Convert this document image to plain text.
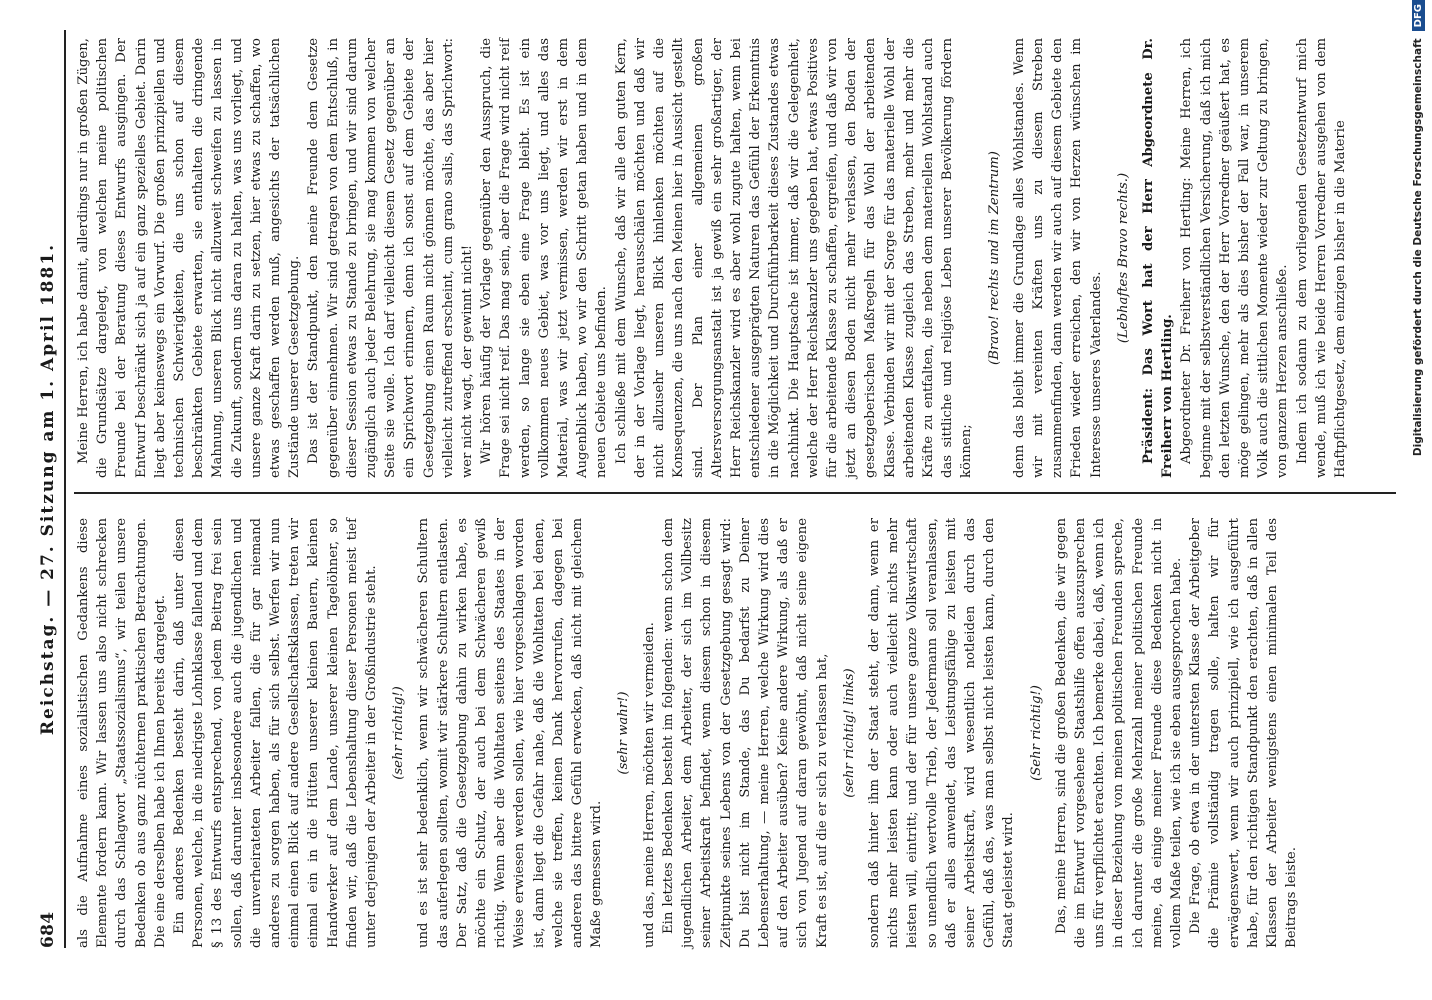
684
Reichstag. — 27. Sitzung am 1. April 1881. als die Aufnahme eines sozialistischen Gedankens diese Elemente fordern kann. Wir lassen uns also nicht schrecken durch das Schlagwort „Staatssozialismus“, wir teilen unsere Bedenken ob aus ganz nüchternen praktischen Betrachtungen. Die eine derselben habe ich Ihnen bereits dargelegt. Ein anderes Bedenken besteht darin, daß unter diesen Personen, welche, in die niedrigste Lohnklasse fallend und dem § 13 des Entwurfs entsprechend, von jedem Beitrag frei sein sollen, daß darunter insbesondere auch die jugendlichen und die unverheirateten Arbeiter fallen, die für gar niemand anderes zu sorgen haben, als für sich selbst. Werfen wir nun einmal einen Blick auf andere Gesellschaftsklassen, treten wir einmal ein in die Hütten unserer kleinen Bauern, kleinen Handwerker auf dem Lande, unserer kleinen Tagelöhner, so finden wir, daß die Lebenshaltung dieser Personen meist tief unter derjenigen der Arbeiter in der Großindustrie steht. (sehr richtig!) und es ist sehr bedenklich, wenn wir schwächeren Schultern das auferlegen sollten, womit wir stärkere Schultern entlasten. Der Satz, daß die Gesetzgebung dahin zu wirken habe, es möchte ein Schutz, der auch bei dem Schwächeren gewiß richtig. Wenn aber die Wohltaten seitens des Staates in der Weise erwiesen werden sollen, wie hier vorgeschlagen worden ist, dann liegt die Gefahr nahe, daß die Wohltaten bei denen, welche sie treffen, keinen Dank hervorrufen, dagegen bei anderen das bittere Gefühl erwecken, daß nicht mit gleichem Maße gemessen wird.

(sehr wahr!) und das, meine Herren, möchten wir vermeiden. Ein letztes Bedenken besteht im folgenden: wenn schon dem jugendlichen Arbeiter, dem Arbeiter, der sich im Vollbesitz seiner Arbeitskraft befindet, wenn diesem schon in diesem Zeitpunkte seines Lebens von der Gesetzgebung gesagt wird: Du bist nicht im Stande, das Du bedarfst zu Deiner Lebenserhaltung, — meine Herren, welche Wirkung wird dies auf den Arbeiter ausüben? Keine andere Wirkung, als daß er sich von Jugend auf daran gewöhnt, daß nicht seine eigene Kraft es ist, auf die er sich zu verlassen hat, (sehr richtig! links) sondern daß hinter ihm der Staat steht, der dann, wenn er nichts mehr leisten kann oder auch vielleicht nichts mehr leisten will, eintritt; und der für unsere ganze Volkswirtschaft so unendlich wertvolle Trieb, der Jedermann soll veranlassen, daß er alles anwendet, das Leistungsfähige zu leisten mit seiner Arbeitskraft, wird wesentlich notleiden durch das Gefühl, daß das, was man selbst nicht leisten kann, durch den Staat geleistet wird.

(Sehr richtig!) Das, meine Herren, sind die großen Bedenken, die wir gegen die im Entwurf vorgesehene Staatshilfe offen auszusprechen uns für verpflichtet erachten. Ich bemerke dabei, daß, wenn ich in dieser Beziehung von meinen politischen Freunden spreche, ich darunter die große Mehrzahl meiner politischen Freunde meine, da einige meiner Freunde diese Bedenken nicht in vollem Maße teilen, wie ich sie eben ausgesprochen habe. Die Frage, ob etwa in der untersten Klasse der Arbeitgeber die Prämie vollständig tragen solle, halten wir für erwägenswert, wenn wir auch prinzipiell, wie ich ausgeführt habe, für den richtigen Standpunkt den erachten, daß in allen Klassen der Arbeiter wenigstens einen minimalen Teil des Beitrags leiste.

Meine Herren, ich habe damit, allerdings nur in großen Zügen, die Grundsätze dargelegt, von welchen meine politischen Freunde bei der Beratung dieses Entwurfs ausgingen. Der Entwurf beschränkt sich ja auf ein ganz spezielles Gebiet. Darin liegt aber keineswegs ein Vorwurf. Die großen prinzipiellen und technischen Schwierigkeiten, die uns schon auf diesem beschränkten Gebiete erwarten, sie enthalten die dringende Mahnung, unseren Blick nicht allzuweit schweifen zu lassen in die Zukunft, sondern uns daran zu halten, was uns vorliegt, und unsere ganze Kraft darin zu setzen, hier etwas zu schaffen, wo etwas geschaffen werden muß, angesichts der tatsächlichen Zustände unserer Gesetzgebung. Das ist der Standpunkt, den meine Freunde dem Gesetze gegenüber einnehmen. Wir sind getragen von dem Entschluß, in dieser Session etwas zu Stande zu bringen, und wir sind darum zugänglich auch jeder Belehrung, sie mag kommen von welcher Seite sie wolle. Ich darf vielleicht diesem Gesetz gegenüber an ein Sprichwort erinnern, denn ich sonst auf dem Gebiete der Gesetzgebung einen Raum nicht gönnen möchte, das aber hier vielleicht zutreffend erscheint, cum grano salis, das Sprichwort: wer nicht wagt, der gewinnt nicht! Wir hören häufig der Vorlage gegenüber den Ausspruch, die Frage sei nicht reif. Das mag sein, aber die Frage wird nicht reif werden, so lange sie eben eine Frage bleibt. Es ist ein vollkommen neues Gebiet, was vor uns liegt, und alles das Material, was wir jetzt vermissen, werden wir erst in dem Augenblick haben, wo wir den Schritt getan haben und in dem neuen Gebiete uns befinden. Ich schließe mit dem Wunsche, daß wir alle den guten Kern, der in der Vorlage liegt, herausschälen möchten und daß wir nicht allzusehr unseren Blick hinlenken möchten auf die Konsequenzen, die uns nach den Meinen hier in Aussicht gestellt sind. Der Plan einer allgemeinen großen Altersversorgungsanstalt ist ja gewiß ein sehr großartiger, der Herr Reichskanzler wird es aber wohl zugute halten, wenn bei entschiedener ausgeprägten Naturen das Gefühl der Erkenntnis in die Möglichkeit und Durchführbarkeit dieses Zustandes etwas nachhinkt. Die Hauptsache ist immer, daß wir die Gelegenheit, welche der Herr Reichskanzler uns gegeben hat, etwas Positives für die arbeitende Klasse zu schaffen, ergreifen, und daß wir von jetzt an diesen Boden nicht mehr verlassen, den Boden der gesetzgeberischen Maßregeln für das Wohl der arbeitenden Klasse. Verbinden wir mit der Sorge für das materielle Wohl der arbeitenden Klasse zugleich das Streben, mehr und mehr die Kräfte zu entfalten, die neben dem materiellen Wohlstand auch das sittliche und religiöse Leben unserer Bevölkerung fördern können;

(Bravo! rechts und im Zentrum) denn das bleibt immer die Grundlage alles Wohlstandes. Wenn wir mit vereinten Kräften uns zu diesem Streben zusammenfinden, dann werden wir auch auf diesem Gebiete den Frieden wieder erreichen, den wir von Herzen wünschen im Interesse unseres Vaterlandes.

(Lebhaftes Bravo rechts.) Präsident: Das Wort hat der Herr Abgeordnete Dr. Freiherr von Hertling. Abgeordneter Dr. Freiherr von Hertling: Meine Herren, ich beginne mit der selbstverständlichen Versicherung, daß ich mich den letzten Wunsche, den der Herr Vorredner geäußert hat, es möge gelingen, mehr als dies bisher der Fall war, in unserem Volk auch die sittlichen Momente wieder zur Geltung zu bringen, von ganzem Herzen anschließe. Indem ich sodann zu dem vorliegenden Gesetzentwurf mich wende, muß ich wie beide Herren Vorredner ausgehen von dem Haftpflichtgesetz, dem einzigen bisher in die Materie	Digitalisierung gefördert durch die Deutsche Forschungsgemeinschaft
DFG
